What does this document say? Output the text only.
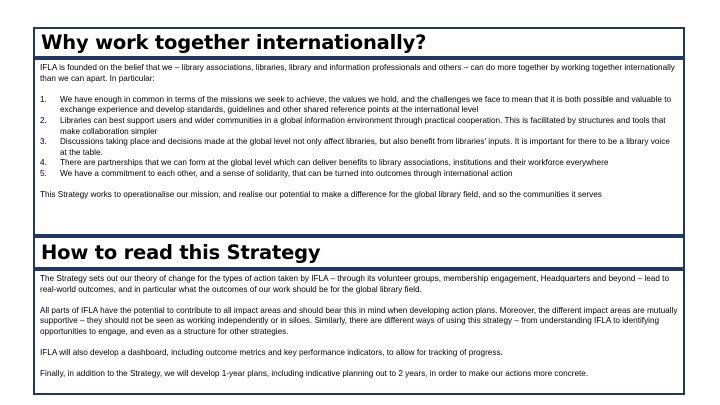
Why work together internationally?

IFLA is founded on the belief that we – library associations, libraries, library and information professionals and others – can do more together by working together internationally than we can apart. In particular:

1.	We have enough in common in terms of the missions we seek to achieve, the values we hold, and the challenges we face to mean that it is both possible and valuable to exchange experience and develop standards, guidelines and other shared reference points at the international level
2.	Libraries can best support users and wider communities in a global information environment through practical cooperation. This is facilitated by structures and tools that make collaboration simpler
3.	Discussions taking place and decisions made at the global level not only affect libraries, but also benefit from libraries' inputs. It is important for there to be a library voice at the table.
4.	There are partnerships that we can form at the global level which can deliver benefits to library associations, institutions and their workforce everywhere
5.	We have a commitment to each other, and a sense of solidarity, that can be turned into outcomes through international action

This Strategy works to operationalise our mission, and realise our potential to make a difference for the global library field, and so the communities it serves

How to read this Strategy

The Strategy sets out our theory of change for the types of action taken by IFLA – through its volunteer groups, membership engagement, Headquarters and beyond – lead to real-world outcomes, and in particular what the outcomes of our work should be for the global library field.

All parts of IFLA have the potential to contribute to all impact areas and should bear this in mind when developing action plans. Moreover, the different impact areas are mutually supportive – they should not be seen as working independently or in siloes. Similarly, there are different ways of using this strategy – from understanding IFLA to identifying opportunities to engage, and even as a structure for other strategies.

IFLA will also develop a dashboard, including outcome metrics and key performance indicators, to allow for tracking of progress.

Finally, in addition to the Strategy, we will develop 1-year plans, including indicative planning out to 2 years, in order to make our actions more concrete.
